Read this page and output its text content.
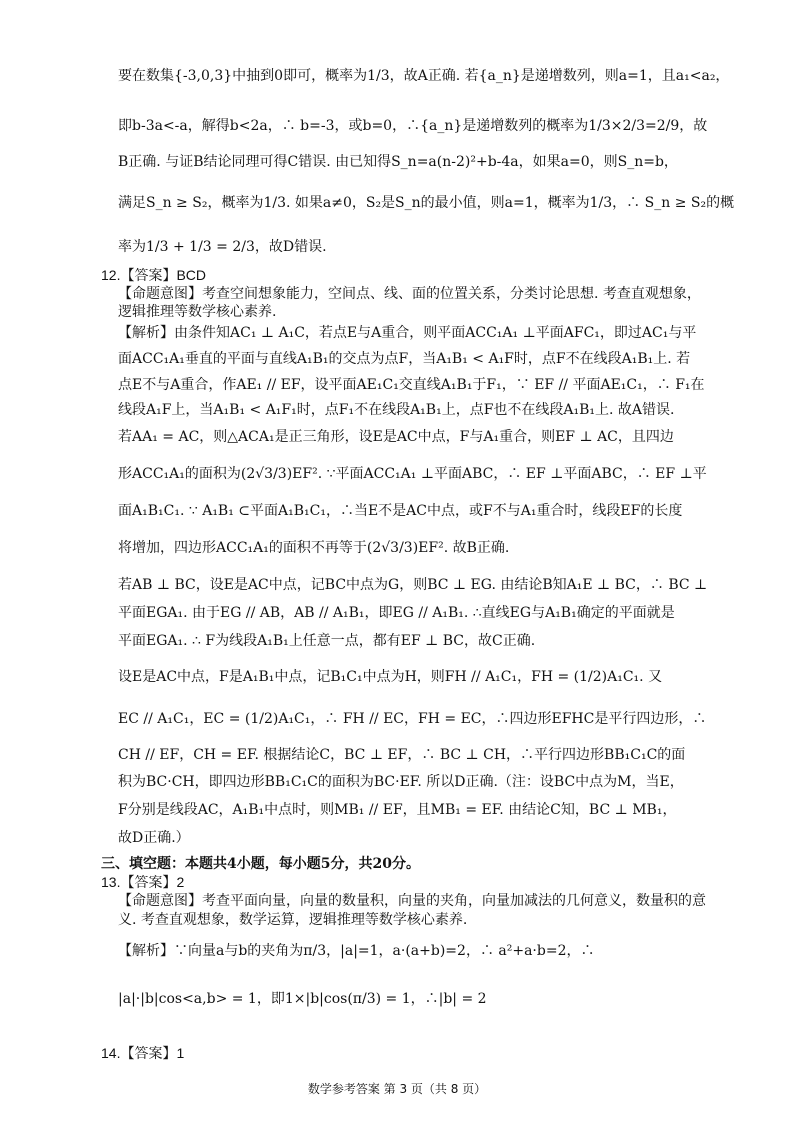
要在数集{-3,0,3}中抽到0即可，概率为1/3，故A正确. 若{a_n}是递增数列，则a=1，且a₁<a₂，
即b-3a<-a，解得b<2a，∴ b=-3，或b=0，∴{a_n}是递增数列的概率为1/3×2/3=2/9，故
B正确. 与证B结论同理可得C错误. 由已知得S_n=a(n-2)²+b-4a，如果a=0，则S_n=b，
满足S_n ≥ S₂，概率为1/3. 如果a≠0，S₂是S_n的最小值，则a=1，概率为1/3，∴ S_n ≥ S₂的概
率为1/3 + 1/3 = 2/3，故D错误.
12.【答案】BCD
【命题意图】考查空间想象能力，空间点、线、面的位置关系，分类讨论思想. 考查直观想象，
逻辑推理等数学核心素养.
【解析】由条件知AC₁ ⊥ A₁C，若点E与A重合，则平面ACC₁A₁ ⊥平面AFC₁，即过AC₁与平
面ACC₁A₁垂直的平面与直线A₁B₁的交点为点F，当A₁B₁ < A₁F时，点F不在线段A₁B₁上. 若
点E不与A重合，作AE₁ // EF，设平面AE₁C₁交直线A₁B₁于F₁，∵ EF // 平面AE₁C₁，∴ F₁在
线段A₁F上，当A₁B₁ < A₁F₁时，点F₁不在线段A₁B₁上，点F也不在线段A₁B₁上. 故A错误.
若AA₁ = AC，则△ACA₁是正三角形，设E是AC中点，F与A₁重合，则EF ⊥ AC，且四边
形ACC₁A₁的面积为(2√3/3)EF². ∵平面ACC₁A₁ ⊥平面ABC，∴ EF ⊥平面ABC，∴ EF ⊥平
面A₁B₁C₁. ∵ A₁B₁ ⊂平面A₁B₁C₁，∴当E不是AC中点，或F不与A₁重合时，线段EF的长度
将增加，四边形ACC₁A₁的面积不再等于(2√3/3)EF². 故B正确.
若AB ⊥ BC，设E是AC中点，记BC中点为G，则BC ⊥ EG. 由结论B知A₁E ⊥ BC，∴ BC ⊥
平面EGA₁. 由于EG // AB，AB // A₁B₁，即EG // A₁B₁. ∴直线EG与A₁B₁确定的平面就是
平面EGA₁. ∴ F为线段A₁B₁上任意一点，都有EF ⊥ BC，故C正确.
设E是AC中点，F是A₁B₁中点，记B₁C₁中点为H，则FH // A₁C₁，FH = (1/2)A₁C₁. 又
EC // A₁C₁，EC = (1/2)A₁C₁，∴ FH // EC，FH = EC，∴四边形EFHC是平行四边形，∴
CH // EF，CH = EF. 根据结论C，BC ⊥ EF，∴ BC ⊥ CH，∴平行四边形BB₁C₁C的面
积为BC·CH，即四边形BB₁C₁C的面积为BC·EF. 所以D正确.（注：设BC中点为M，当E，
F分别是线段AC，A₁B₁中点时，则MB₁ // EF，且MB₁ = EF. 由结论C知，BC ⊥ MB₁，
故D正确.）
三、填空题：本题共4小题，每小题5分，共20分。
13.【答案】2
【命题意图】考查平面向量，向量的数量积，向量的夹角，向量加减法的几何意义，数量积的意
义. 考查直观想象，数学运算，逻辑推理等数学核心素养.
【解析】∵向量a与b的夹角为π/3，|a|=1，a·(a+b)=2，∴ a²+a·b=2，∴
|a|·|b|cos<a,b> = 1，即1×|b|cos(π/3) = 1，∴|b| = 2
14.【答案】1
数学参考答案 第 3 页（共 8 页）
